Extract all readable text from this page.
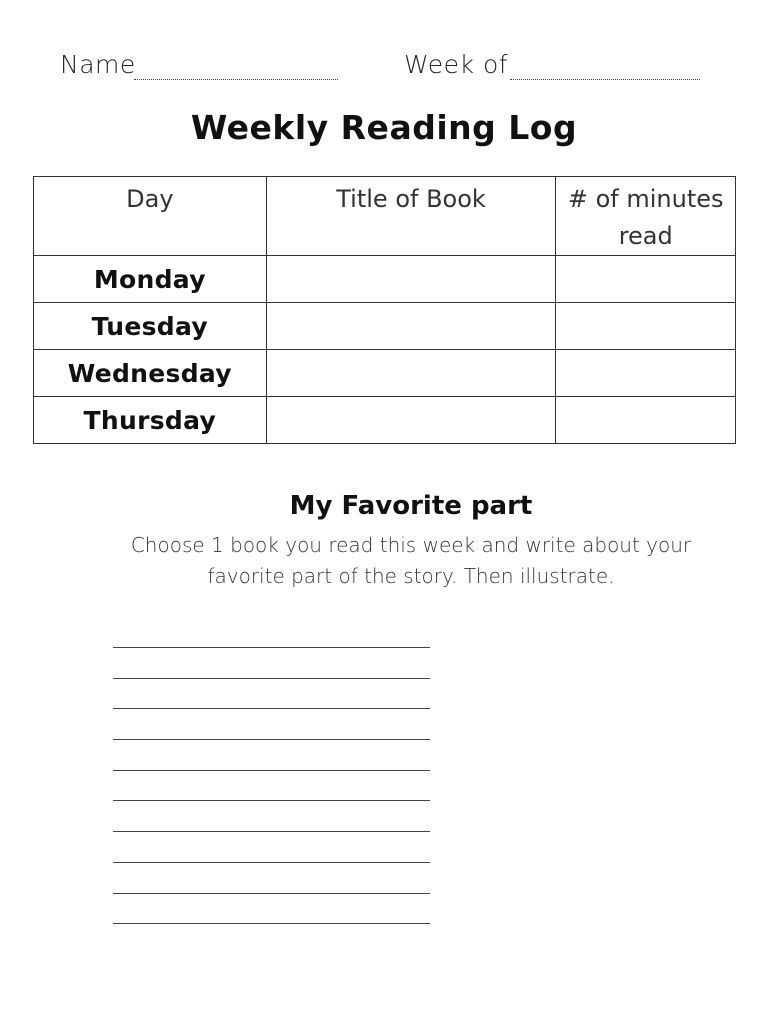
Name	Week of
Weekly Reading Log
Day	Title of Book	# of minutes read
Monday		
Tuesday		
Wednesday		
Thursday		
My Favorite part
Choose 1 book you read this week and write about your
favorite part of the story. Then illustrate.
